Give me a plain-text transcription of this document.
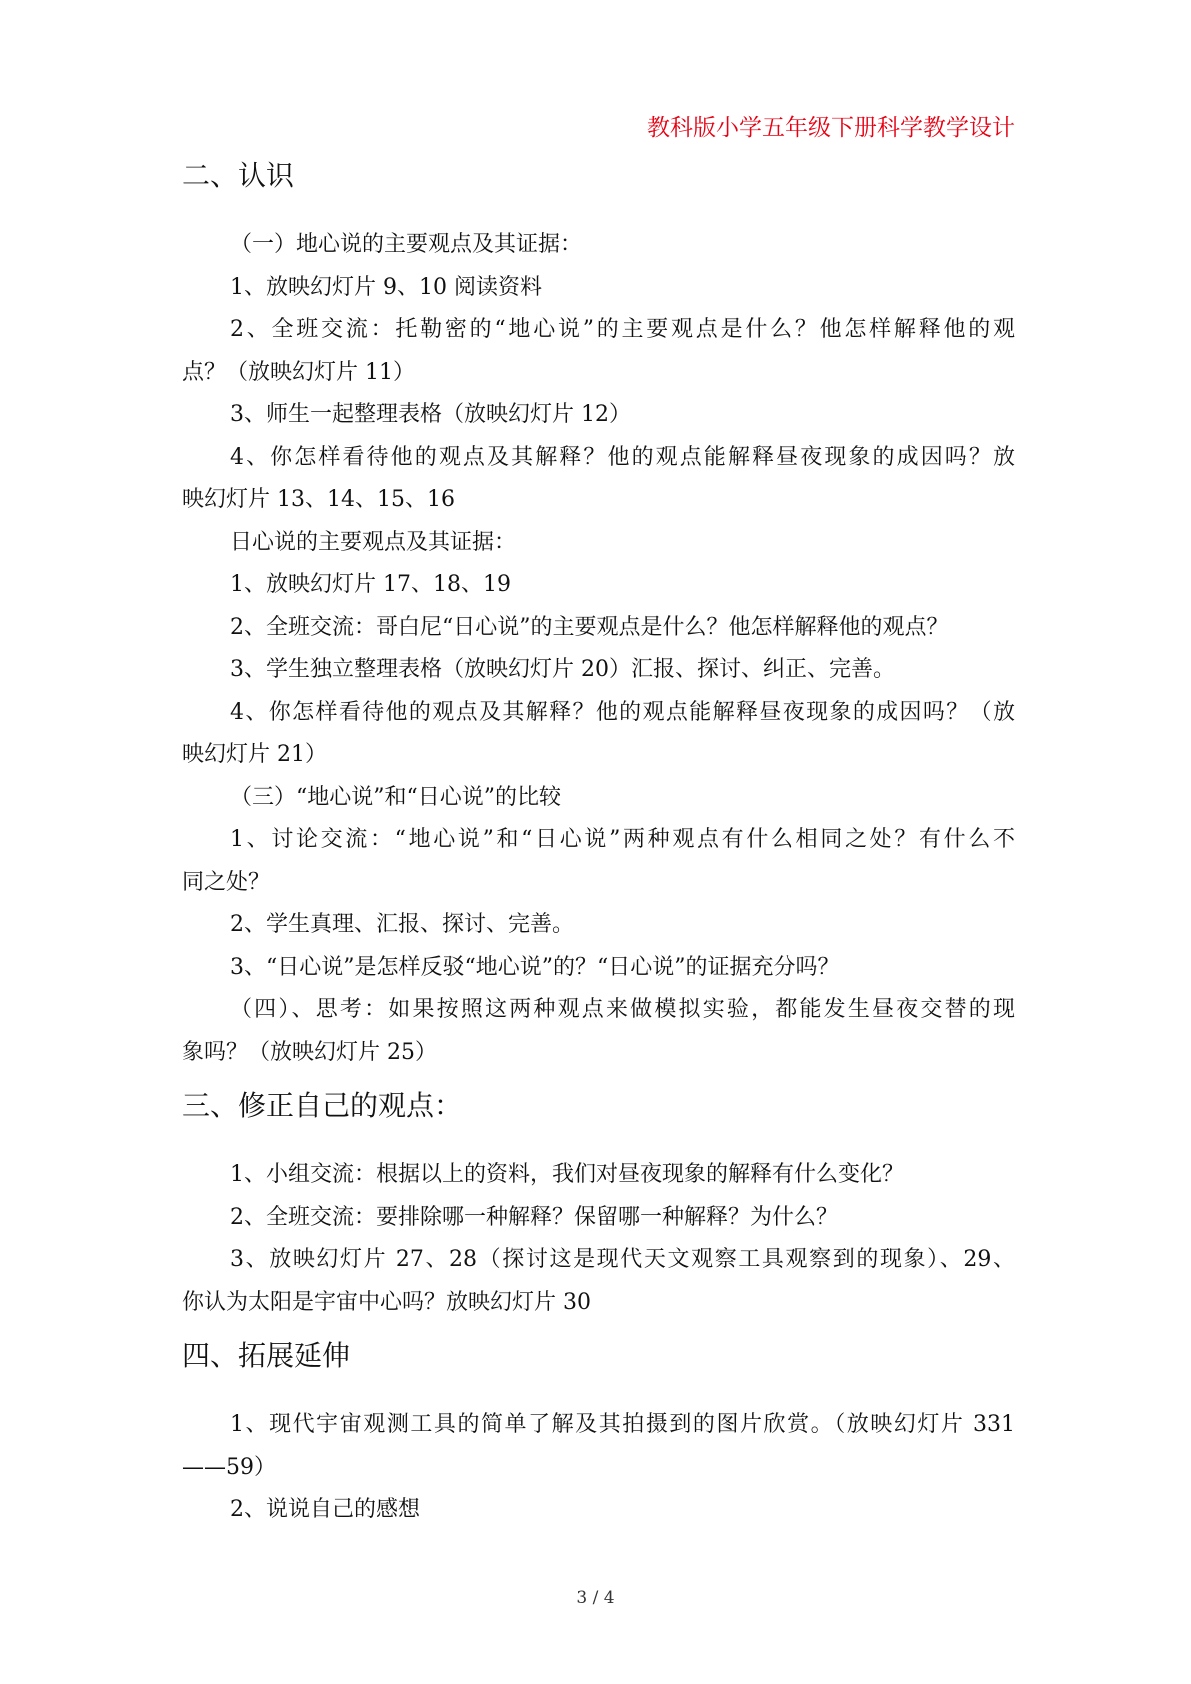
教科版小学五年级下册科学教学设计
二、认识
（一）地心说的主要观点及其证据：
1、放映幻灯片 9、10 阅读资料
2、全班交流：托勒密的“地心说”的主要观点是什么？他怎样解释他的观
点？（放映幻灯片 11）
3、师生一起整理表格（放映幻灯片 12）
4、你怎样看待他的观点及其解释？他的观点能解释昼夜现象的成因吗？放
映幻灯片 13、14、15、16
日心说的主要观点及其证据：
1、放映幻灯片 17、18、19
2、全班交流：哥白尼“日心说”的主要观点是什么？他怎样解释他的观点？
3、学生独立整理表格（放映幻灯片 20）汇报、探讨、纠正、完善。
4、你怎样看待他的观点及其解释？他的观点能解释昼夜现象的成因吗？（放
映幻灯片 21）
（三）“地心说”和“日心说”的比较
1、讨论交流：“地心说”和“日心说”两种观点有什么相同之处？有什么不
同之处？
2、学生真理、汇报、探讨、完善。
3、“日心说”是怎样反驳“地心说”的？“日心说”的证据充分吗？
（四）、思考：如果按照这两种观点来做模拟实验，都能发生昼夜交替的现
象吗？（放映幻灯片 25）
三、修正自己的观点：
1、小组交流：根据以上的资料，我们对昼夜现象的解释有什么变化？
2、全班交流：要排除哪一种解释？保留哪一种解释？为什么？
3、放映幻灯片 27、28（探讨这是现代天文观察工具观察到的现象）、29、
你认为太阳是宇宙中心吗？放映幻灯片 30
四、拓展延伸
1、现代宇宙观测工具的简单了解及其拍摄到的图片欣赏。（放映幻灯片 331
——59）
2、说说自己的感想
3 / 4
